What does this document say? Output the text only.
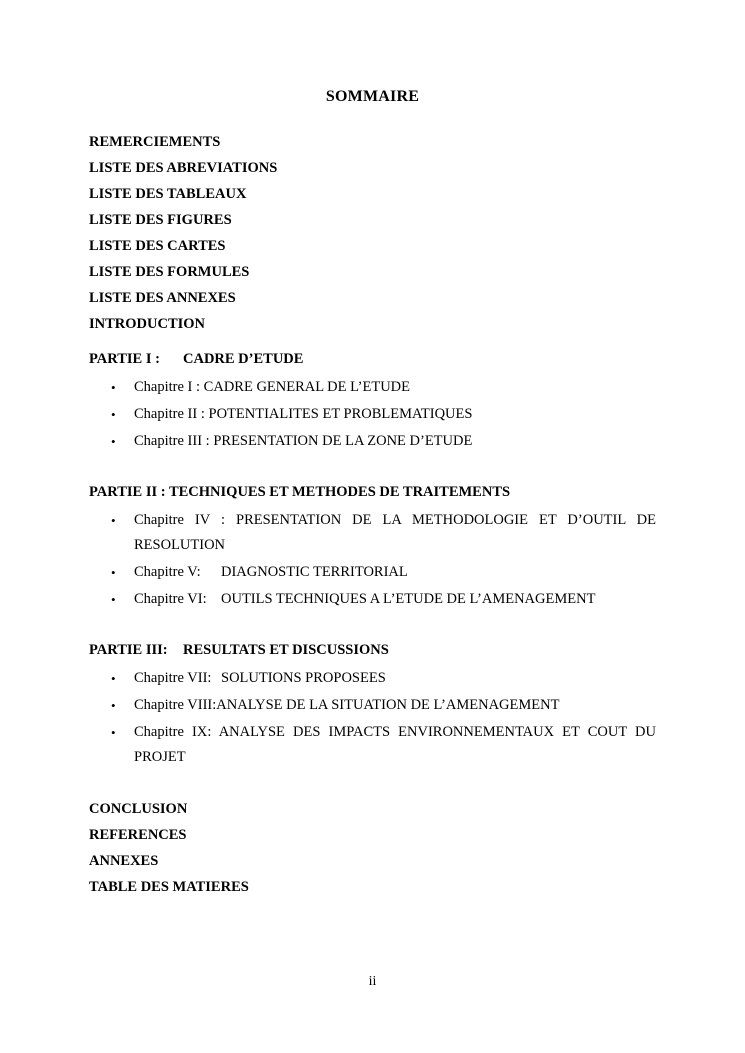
SOMMAIRE
REMERCIEMENTS
LISTE DES ABREVIATIONS
LISTE DES TABLEAUX
LISTE DES FIGURES
LISTE DES CARTES
LISTE DES FORMULES
LISTE DES ANNEXES
INTRODUCTION
PARTIE I : CADRE D’ETUDE
• Chapitre I : CADRE GENERAL DE L’ETUDE
• Chapitre II : POTENTIALITES ET PROBLEMATIQUES
• Chapitre III : PRESENTATION DE LA ZONE D’ETUDE
PARTIE II : TECHNIQUES ET METHODES DE TRAITEMENTS
• Chapitre IV : PRESENTATION DE LA METHODOLOGIE ET D’OUTIL DE
RESOLUTION
• Chapitre V: DIAGNOSTIC TERRITORIAL
• Chapitre VI: OUTILS TECHNIQUES A L’ETUDE DE L’AMENAGEMENT
PARTIE III: RESULTATS ET DISCUSSIONS
• Chapitre VII: SOLUTIONS PROPOSEES
• Chapitre VIII:ANALYSE DE LA SITUATION DE L’AMENAGEMENT
• Chapitre IX: ANALYSE DES IMPACTS ENVIRONNEMENTAUX ET COUT DU
PROJET
CONCLUSION
REFERENCES
ANNEXES
TABLE DES MATIERES
ii
